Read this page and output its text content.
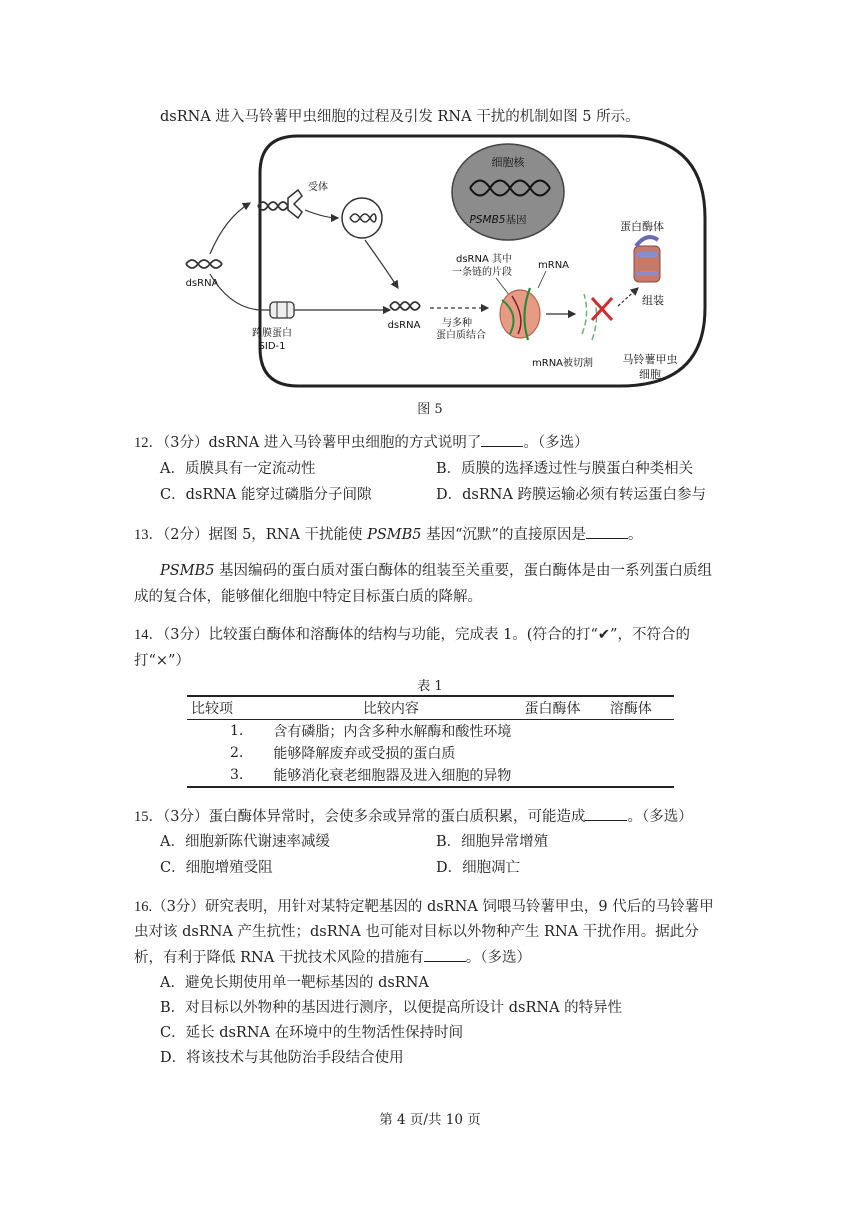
dsRNA 进入马铃薯甲虫细胞的过程及引发 RNA 干扰的机制如图 5 所示。
细胞核
PSMB5基因
dsRNA
受体
跨膜蛋白
SID-1
dsRNA 与多种
蛋白质结合
dsRNA 其中
一条链的片段
mRNA
mRNA被切割
组装
蛋白酶体
马铃薯甲虫
细胞
图 5
12．（3分）dsRNA 进入马铃薯甲虫细胞的方式说明了	。（多选）
A．质膜具有一定流动性	B．质膜的选择透过性与膜蛋白种类相关
C．dsRNA 能穿过磷脂分子间隙	D．dsRNA 跨膜运输必须有转运蛋白参与
13．（2分）据图 5，RNA 干扰能使 PSMB5 基因“沉默”的直接原因是	。
PSMB5 基因编码的蛋白质对蛋白酶体的组装至关重要，蛋白酶体是由一系列蛋白质组
成的复合体，能够催化细胞中特定目标蛋白质的降解。
14．（3分）比较蛋白酶体和溶酶体的结构与功能，完成表 1。(符合的打“✔”，不符合的
打“×”）
表 1
比较项	比较内容	蛋白酶体	溶酶体
1.	含有磷脂；内含多种水解酶和酸性环境		
2.	能够降解废弃或受损的蛋白质		
3.	能够消化衰老细胞器及进入细胞的异物		
15．（3分）蛋白酶体异常时，会使多余或异常的蛋白质积累，可能造成	。（多选）
A．细胞新陈代谢速率减缓	B．细胞异常增殖
C．细胞增殖受阻	D．细胞凋亡
16.（3分）研究表明，用针对某特定靶基因的 dsRNA 饲喂马铃薯甲虫，9 代后的马铃薯甲
虫对该 dsRNA 产生抗性；dsRNA 也可能对目标以外物种产生 RNA 干扰作用。据此分
析，有利于降低 RNA 干扰技术风险的措施有	。（多选）
A．避免长期使用单一靶标基因的 dsRNA
B．对目标以外物种的基因进行测序，以便提高所设计 dsRNA 的特异性
C．延长 dsRNA 在环境中的生物活性保持时间
D．将该技术与其他防治手段结合使用
第 4 页/共 10 页
